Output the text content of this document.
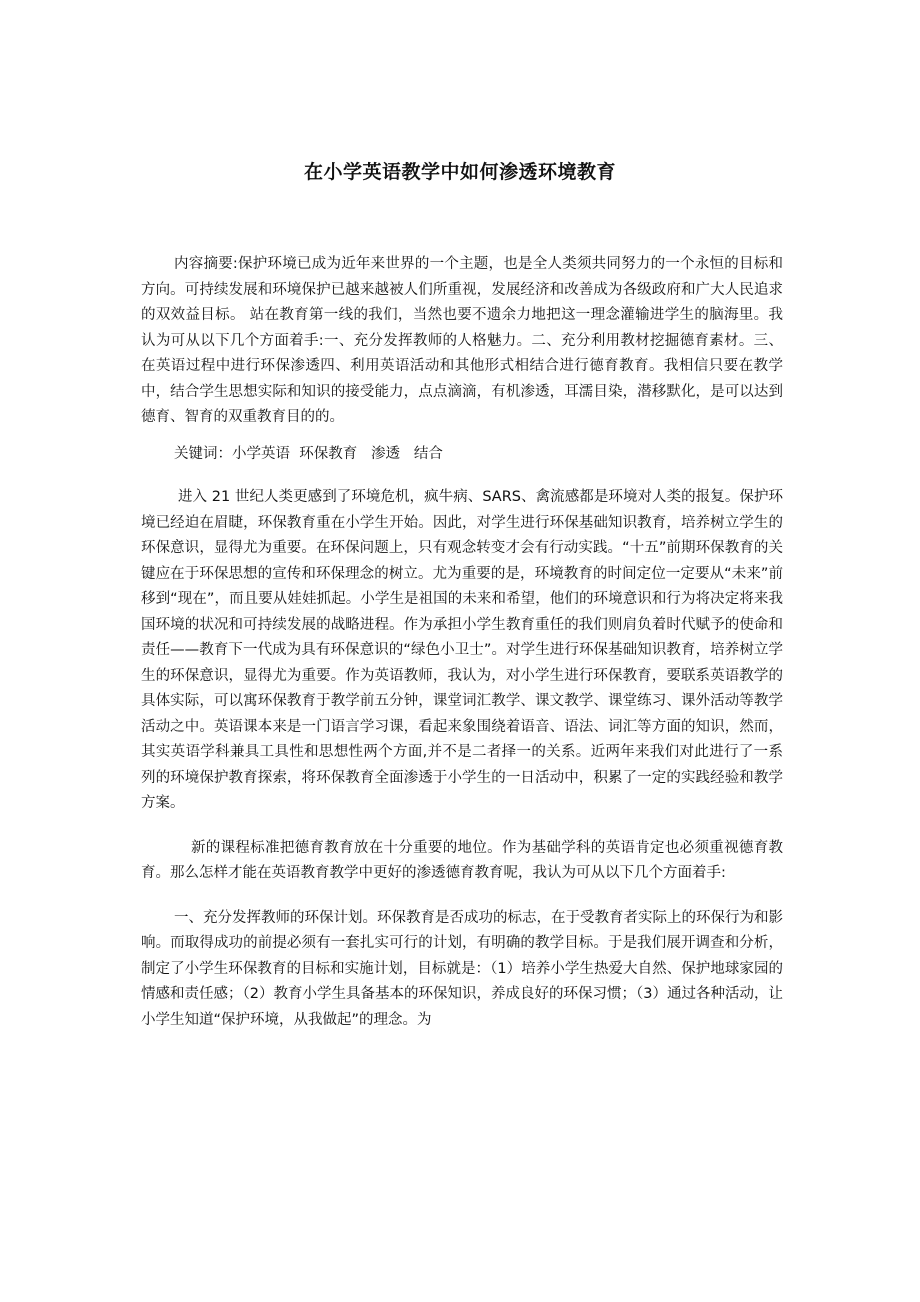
在小学英语教学中如何渗透环境教育

内容摘要:保护环境已成为近年来世界的一个主题，也是全人类须共同努力的一个永恒的目标和方向。可持续发展和环境保护已越来越被人们所重视，发展经济和改善成为各级政府和广大人民追求的双效益目标。 站在教育第一线的我们，当然也要不遗余力地把这一理念灌输进学生的脑海里。我认为可从以下几个方面着手:一、充分发挥教师的人格魅力。二、充分利用教材挖掘德育素材。三、在英语过程中进行环保渗透四、利用英语活动和其他形式相结合进行德育教育。我相信只要在教学中，结合学生思想实际和知识的接受能力，点点滴滴，有机渗透，耳濡目染，潜移默化，是可以达到德育、智育的双重教育目的的。

关键词：小学英语  环保教育   渗透   结合

进入 21 世纪人类更感到了环境危机，疯牛病、SARS、禽流感都是环境对人类的报复。保护环境已经迫在眉睫，环保教育重在小学生开始。因此，对学生进行环保基础知识教育，培养树立学生的环保意识，显得尤为重要。在环保问题上，只有观念转变才会有行动实践。“十五”前期环保教育的关键应在于环保思想的宣传和环保理念的树立。尤为重要的是，环境教育的时间定位一定要从“未来”前移到“现在”，而且要从娃娃抓起。小学生是祖国的未来和希望，他们的环境意识和行为将决定将来我国环境的状况和可持续发展的战略进程。作为承担小学生教育重任的我们则肩负着时代赋予的使命和责任——教育下一代成为具有环保意识的“绿色小卫士”。对学生进行环保基础知识教育，培养树立学生的环保意识，显得尤为重要。作为英语教师，我认为，对小学生进行环保教育，要联系英语教学的具体实际，可以寓环保教育于教学前五分钟，课堂词汇教学、课文教学、课堂练习、课外活动等教学活动之中。英语课本来是一门语言学习课，看起来象围绕着语音、语法、词汇等方面的知识，然而，其实英语学科兼具工具性和思想性两个方面,并不是二者择一的关系。近两年来我们对此进行了一系列的环境保护教育探索，将环保教育全面渗透于小学生的一日活动中，积累了一定的实践经验和教学方案。

新的课程标准把德育教育放在十分重要的地位。作为基础学科的英语肯定也必须重视德育教育。那么怎样才能在英语教育教学中更好的渗透德育教育呢，我认为可从以下几个方面着手:

一、充分发挥教师的环保计划。环保教育是否成功的标志，在于受教育者实际上的环保行为和影响。而取得成功的前提必须有一套扎实可行的计划，有明确的教学目标。于是我们展开调查和分析，制定了小学生环保教育的目标和实施计划，目标就是：（1）培养小学生热爱大自然、保护地球家园的情感和责任感；（2）教育小学生具备基本的环保知识，养成良好的环保习惯；（3）通过各种活动，让小学生知道“保护环境，从我做起”的理念。为
